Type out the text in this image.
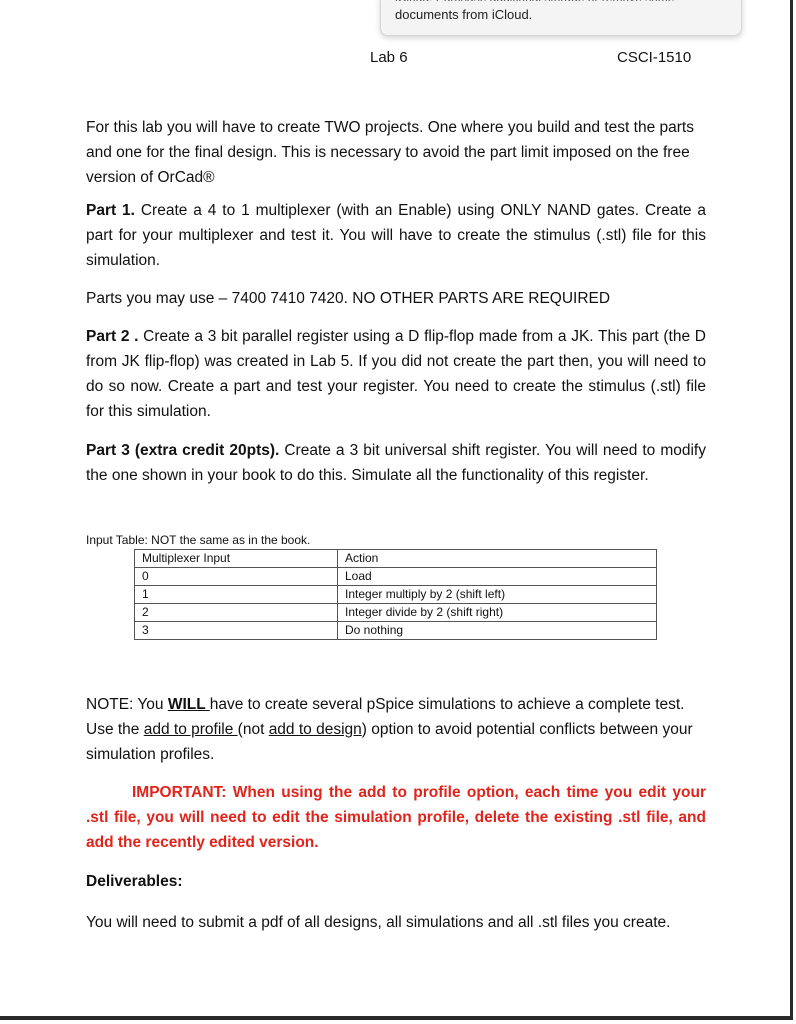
documents from iCloud.
Lab 6	CSCI-1510
For this lab you will have to create TWO projects. One where you build and test the parts and one for the final design. This is necessary to avoid the part limit imposed on the free version of OrCad®
Part 1. Create a 4 to 1 multiplexer (with an Enable) using ONLY NAND gates. Create a part for your multiplexer and test it. You will have to create the stimulus (.stl) file for this simulation.
Parts you may use – 7400 7410 7420. NO OTHER PARTS ARE REQUIRED
Part 2 . Create a 3 bit parallel register using a D flip-flop made from a JK. This part (the D from JK flip-flop) was created in Lab 5. If you did not create the part then, you will need to do so now. Create a part and test your register. You need to create the stimulus (.stl) file for this simulation.
Part 3 (extra credit 20pts). Create a 3 bit universal shift register. You will need to modify the one shown in your book to do this. Simulate all the functionality of this register.
Input Table: NOT the same as in the book.
Multiplexer Input	Action
0	Load
1	Integer multiply by 2 (shift left)
2	Integer divide by 2 (shift right)
3	Do nothing
NOTE: You WILL have to create several pSpice simulations to achieve a complete test. Use the add to profile (not add to design) option to avoid potential conflicts between your simulation profiles.
IMPORTANT: When using the add to profile option, each time you edit your .stl file, you will need to edit the simulation profile, delete the existing .stl file, and add the recently edited version.
Deliverables:
You will need to submit a pdf of all designs, all simulations and all .stl files you create.
